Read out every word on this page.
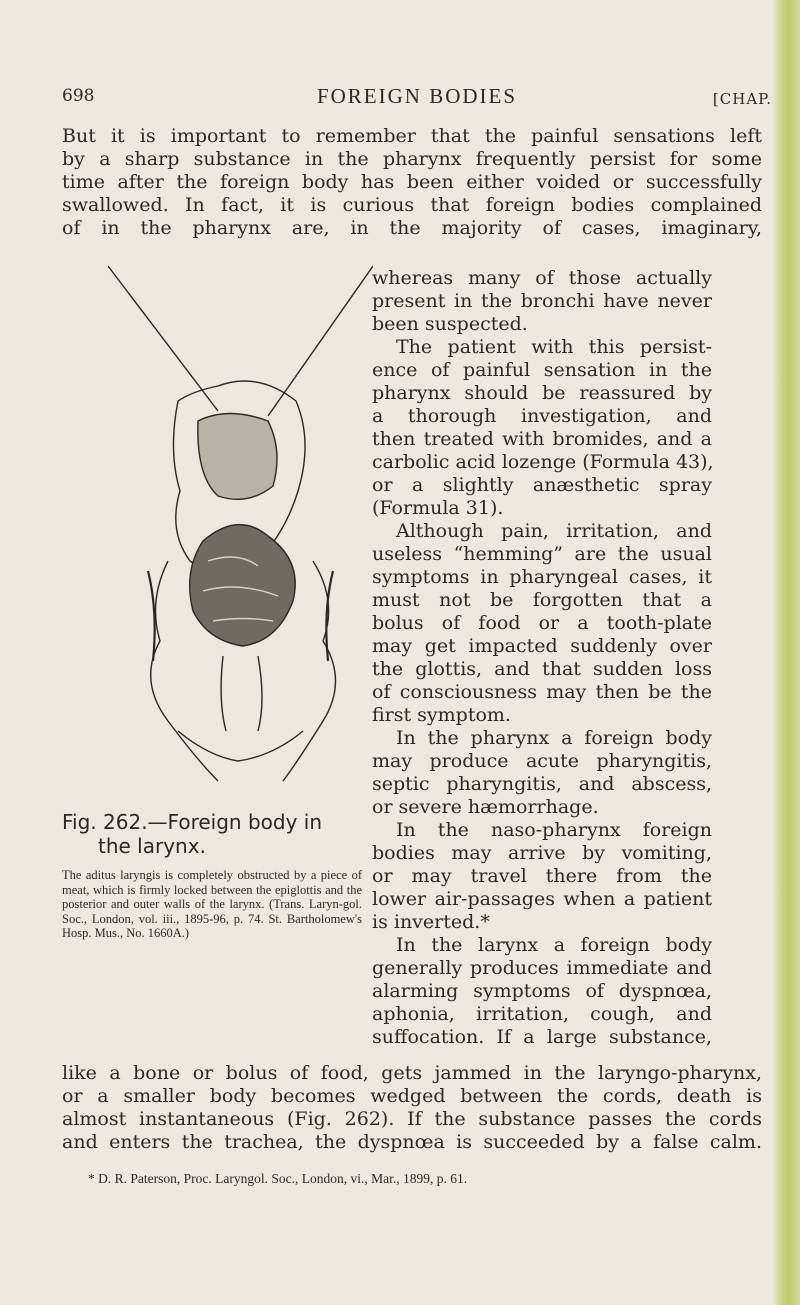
698	FOREIGN BODIES	[CHAP.
But it is important to remember that the painful sensations left
by a sharp substance in the pharynx frequently persist for some
time after the foreign body has been either voided or successfully
swallowed. In fact, it is curious that foreign bodies complained
of in the pharynx are, in the majority of cases, imaginary,
whereas many of those actually
present in the bronchi have never
been suspected.
The patient with this persist-
ence of painful sensation in the
pharynx should be reassured by
a thorough investigation, and
then treated with bromides, and a
carbolic acid lozenge (Formula 43),
or a slightly anæsthetic spray
(Formula 31).
Although pain, irritation, and
useless “hemming” are the usual
symptoms in pharyngeal cases, it
must not be forgotten that a
bolus of food or a tooth-plate
may get impacted suddenly over
the glottis, and that sudden loss
of consciousness may then be the
first symptom.
In the pharynx a foreign body
may produce acute pharyngitis,
septic pharyngitis, and abscess,
or severe hæmorrhage.
In the naso-pharynx foreign
bodies may arrive by vomiting,
or may travel there from the
lower air-passages when a patient
is inverted.*
In the larynx a foreign body
generally produces immediate and
alarming symptoms of dyspnœa,
aphonia, irritation, cough, and
suffocation. If a large substance,
Fig. 262.—Foreign body in
the larynx.
The aditus laryngis is completely obstructed by a piece of meat, which is firmly locked between the epiglottis and the posterior and outer walls of the larynx. (Trans. Laryn-gol. Soc., London, vol. iii., 1895-96, p. 74. St. Bartholomew's Hosp. Mus., No. 1660A.)
like a bone or bolus of food, gets jammed in the laryngo-pharynx,
or a smaller body becomes wedged between the cords, death is
almost instantaneous (Fig. 262). If the substance passes the cords
and enters the trachea, the dyspnœa is succeeded by a false calm.
* D. R. Paterson, Proc. Laryngol. Soc., London, vi., Mar., 1899, p. 61.
